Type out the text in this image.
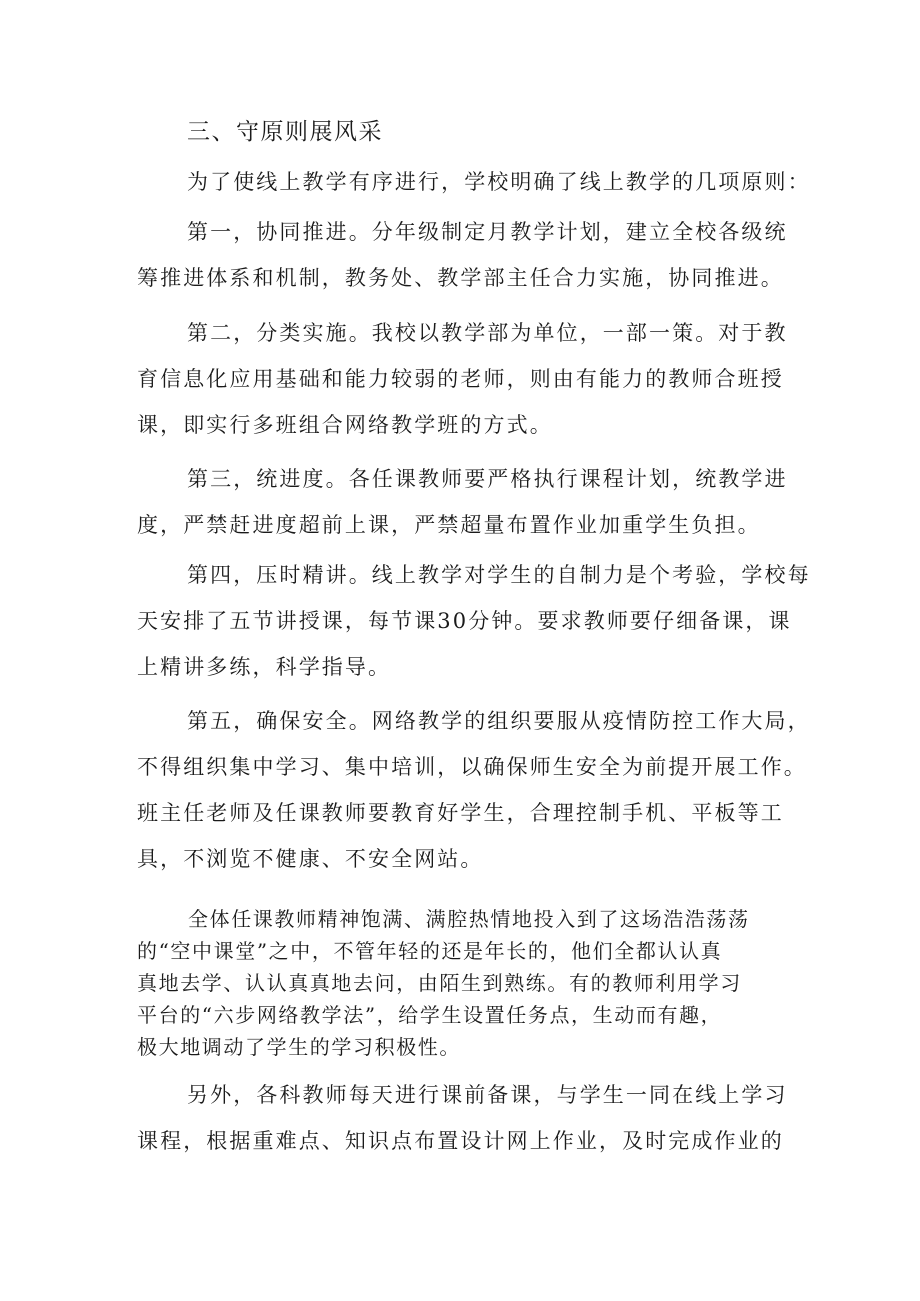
三、守原则展风采
为了使线上教学有序进行，学校明确了线上教学的几项原则：
第一，协同推进。分年级制定月教学计划，建立全校各级统
筹推进体系和机制，教务处、教学部主任合力实施，协同推进。
第二，分类实施。我校以教学部为单位，一部一策。对于教
育信息化应用基础和能力较弱的老师，则由有能力的教师合班授
课，即实行多班组合网络教学班的方式。
第三，统进度。各任课教师要严格执行课程计划，统教学进
度，严禁赶进度超前上课，严禁超量布置作业加重学生负担。
第四，压时精讲。线上教学对学生的自制力是个考验，学校每
天安排了五节讲授课，每节课30分钟。要求教师要仔细备课，课
上精讲多练，科学指导。
第五，确保安全。网络教学的组织要服从疫情防控工作大局，
不得组织集中学习、集中培训，以确保师生安全为前提开展工作。
班主任老师及任课教师要教育好学生，合理控制手机、平板等工
具，不浏览不健康、不安全网站。
全体任课教师精神饱满、满腔热情地投入到了这场浩浩荡荡
的“空中课堂”之中，不管年轻的还是年长的，他们全都认认真
真地去学、认认真真地去问，由陌生到熟练。有的教师利用学习
平台的“六步网络教学法”，给学生设置任务点，生动而有趣，
极大地调动了学生的学习积极性。
另外，各科教师每天进行课前备课，与学生一同在线上学习
课程，根据重难点、知识点布置设计网上作业，及时完成作业的
